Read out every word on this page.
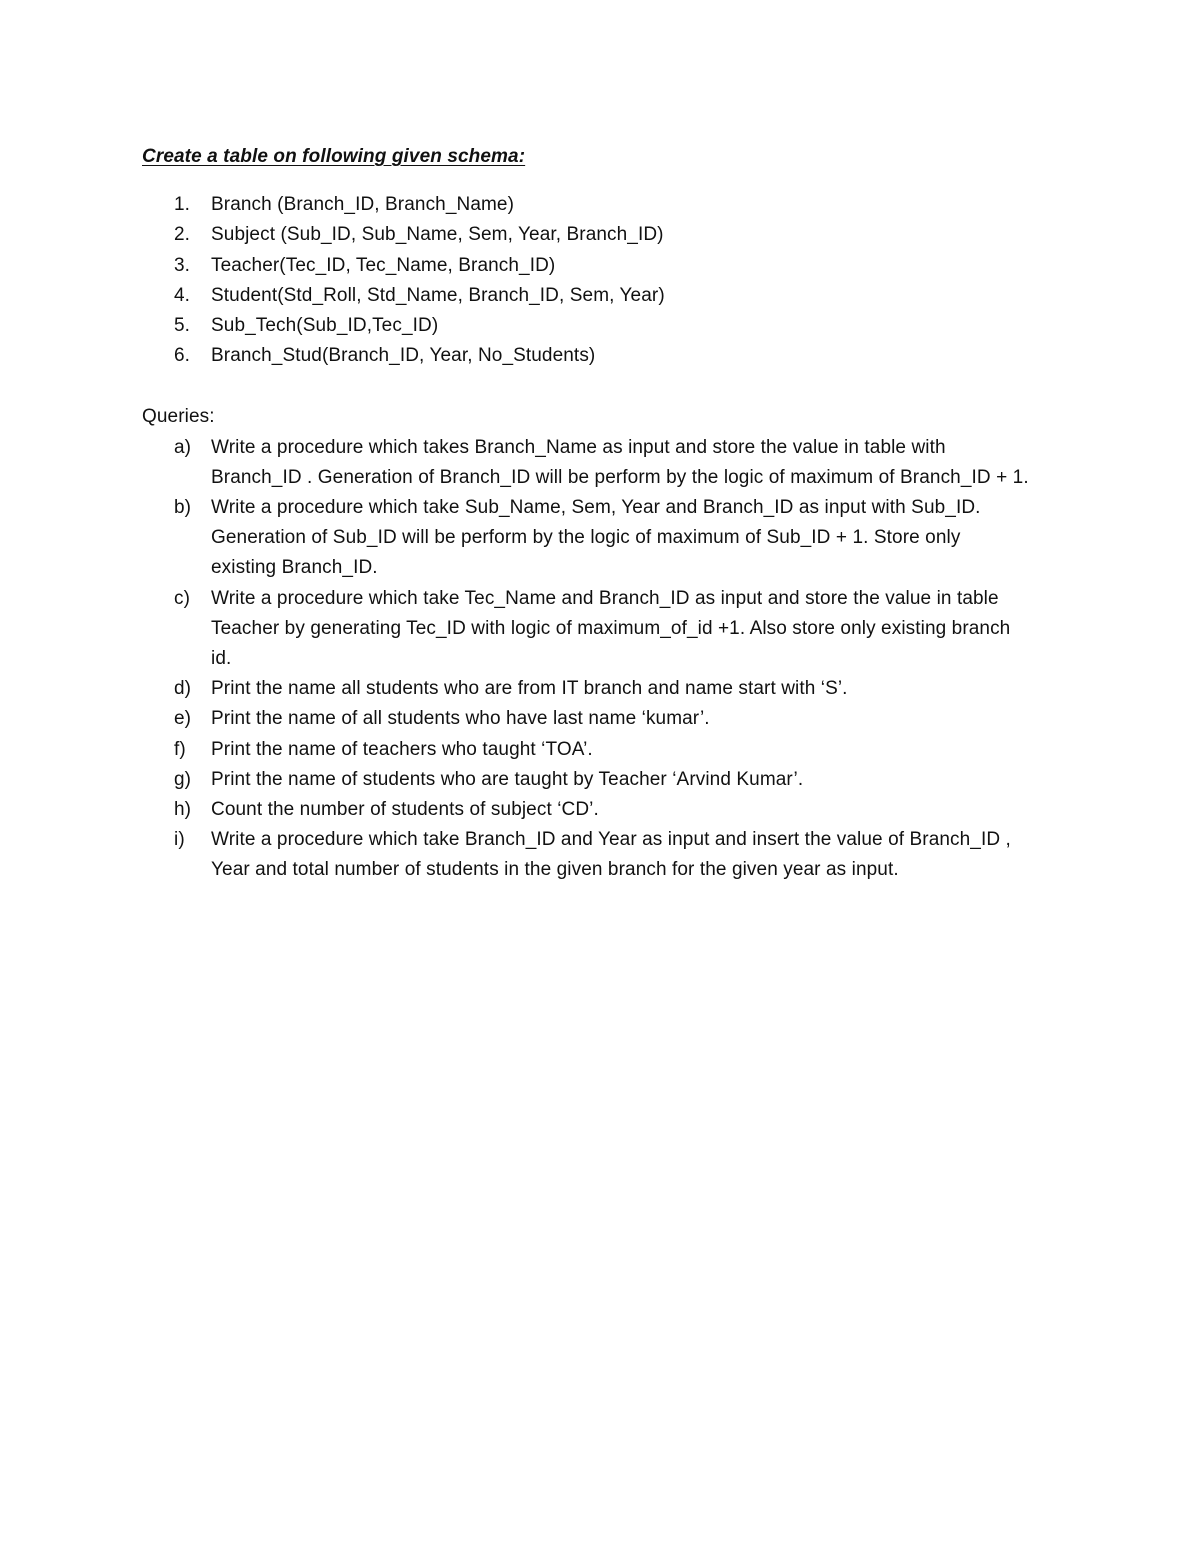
Create a table on following given schema:
1. Branch (Branch_ID, Branch_Name)
2. Subject (Sub_ID, Sub_Name, Sem, Year, Branch_ID)
3. Teacher(Tec_ID, Tec_Name, Branch_ID)
4. Student(Std_Roll, Std_Name, Branch_ID, Sem, Year)
5. Sub_Tech(Sub_ID,Tec_ID)
6. Branch_Stud(Branch_ID, Year, No_Students)
Queries:
a) Write a procedure which takes Branch_Name as input and store the value in table with
Branch_ID . Generation of Branch_ID will be perform by the logic of maximum of Branch_ID + 1.
b) Write a procedure which take Sub_Name, Sem, Year and Branch_ID as input with Sub_ID.
Generation of Sub_ID will be perform by the logic of maximum of Sub_ID + 1. Store only
existing Branch_ID.
c) Write a procedure which take Tec_Name and Branch_ID as input and store the value in table
Teacher by generating Tec_ID with logic of maximum_of_id +1. Also store only existing branch
id.
d) Print the name all students who are from IT branch and name start with ‘S’.
e) Print the name of all students who have last name ‘kumar’.
f) Print the name of teachers who taught ‘TOA’.
g) Print the name of students who are taught by Teacher ‘Arvind Kumar’.
h) Count the number of students of subject ‘CD’.
i) Write a procedure which take Branch_ID and Year as input and insert the value of Branch_ID ,
Year and total number of students in the given branch for the given year as input.
